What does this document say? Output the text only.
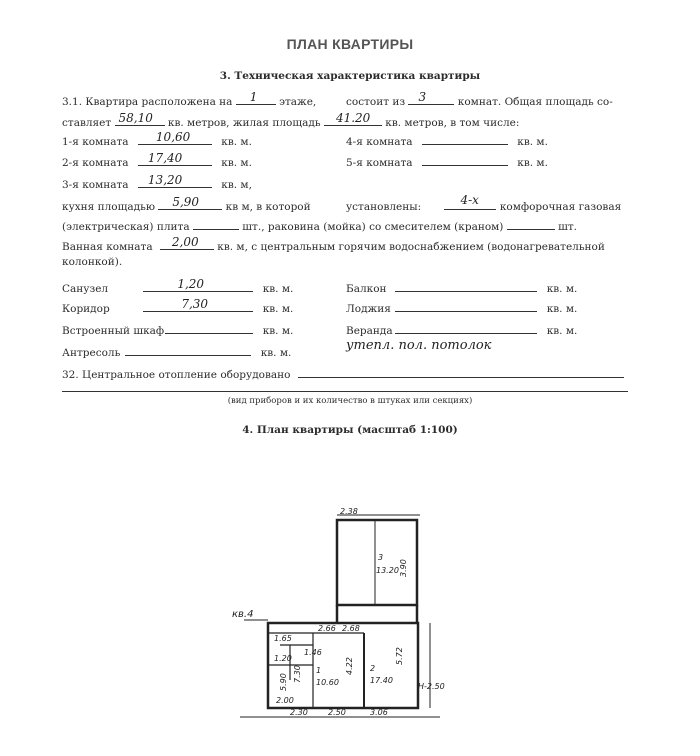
ПЛАН КВАРТИРЫ
3. Техническая характеристика квартиры
3.1. Квартира расположена на 1 этаже,	состоит из 3	комнат. Общая площадь со-
ставляет 58,10 кв. метров, жилая площадь 41.20 кв. метров, в том числе:
1-я комната 10,60	кв. м.
2-я комната 17,40	кв. м.
3-я комната 13,20	кв. м,
4-я комната	кв. м.
5-я комната	кв. м.
кухня площадью 5,90	кв м, в которой	установлены:	4-х комфорочная газовая
(электрическая) плита	шт., раковина (мойка) со смесителем (краном)	шт.
Ванная комната 2,00 кв. м, с центральным горячим водоснабжением (водонагревательной
колонкой).
Санузел	1,20	кв. м.
Коридор	7,30	кв. м.
Встроенный шкаф	кв. м.
Антресоль	кв. м.
Балкон	кв. м.
Лоджия	кв. м.
Веранда	кв. м.
утепл. пол. потолок
32. Центральное отопление оборудовано
(вид приборов и их количество в штуках или секциях)
4. План квартиры (масштаб 1:100)
2.38
3
13.20 3.90
кв.4
1.65
1.20
2.66
1.46
2.68
7.30
5.90
2.00
1
10.60
4.22 2
17.40
5.72
H-2.50
2.30	2.50	3.06
